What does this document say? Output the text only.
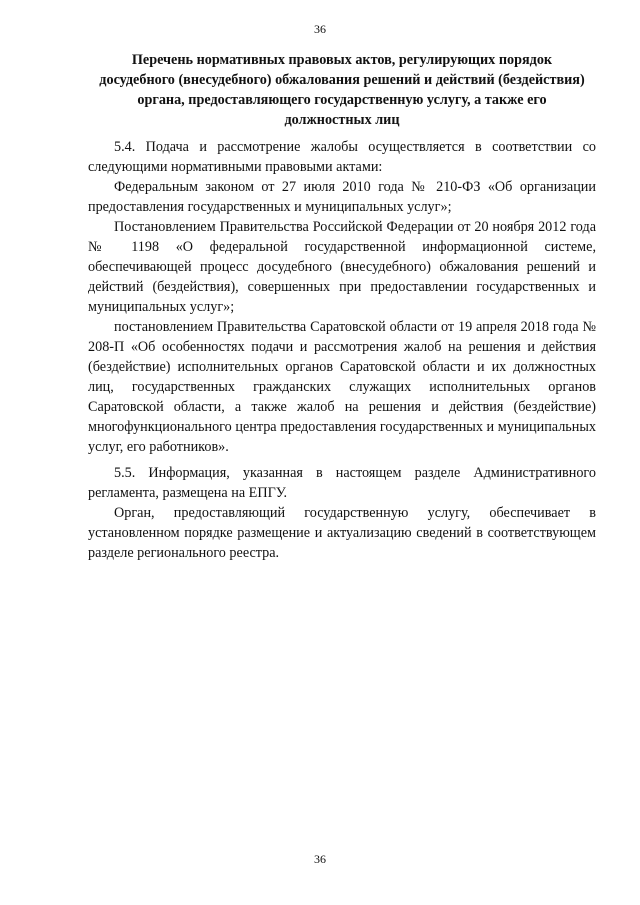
36
Перечень нормативных правовых актов, регулирующих порядок
досудебного (внесудебного) обжалования решений и действий (бездействия)
органа, предоставляющего государственную услугу, а также его
должностных лиц

5.4. Подача и рассмотрение жалобы осуществляется в соответствии со следующими нормативными правовыми актами:

Федеральным законом от 27 июля 2010 года № 210-ФЗ «Об организации предоставления государственных и муниципальных услуг»;

Постановлением Правительства Российской Федерации от 20 ноября 2012 года № 1198 «О федеральной государственной информационной системе, обеспечивающей процесс досудебного (внесудебного) обжалования решений и действий (бездействия), совершенных при предоставлении государственных и муниципальных услуг»;

постановлением Правительства Саратовской области от 19 апреля 2018 года № 208-П «Об особенностях подачи и рассмотрения жалоб на решения и действия (бездействие) исполнительных органов Саратовской области и их должностных лиц, государственных гражданских служащих исполнительных органов Саратовской области, а также жалоб на решения и действия (бездействие) многофункционального центра предоставления государственных и муниципальных услуг, его работников».

5.5. Информация, указанная в настоящем разделе Административного регламента, размещена на ЕПГУ.

Орган, предоставляющий государственную услугу, обеспечивает в установленном порядке размещение и актуализацию сведений в соответствующем разделе регионального реестра.

36
